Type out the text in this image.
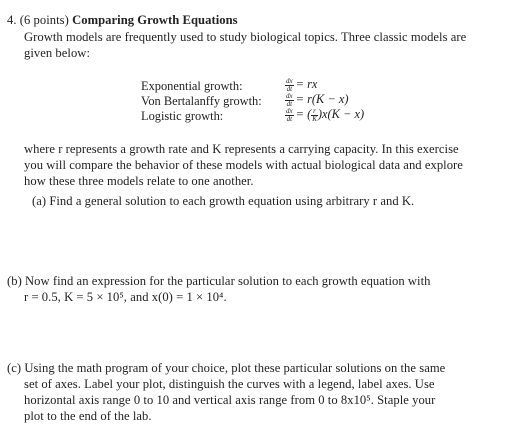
4. (6 points) Comparing Growth Equations
Growth models are frequently used to study biological topics. Three classic models are
given below:
Exponential growth:
Von Bertalanffy growth:
Logistic growth:
$\frac{dx}{dt}$ = rx
$\frac{dx}{dt} = r(K - x)$
$\frac{dx}{dt}$ = ( $\frac{r}{K} )x(K - x)$
where r represents a growth rate and K represents a carrying capacity. In this exercise
you will compare the behavior of these models with actual biological data and explore
how these three models relate to one another.
(a) Find a general solution to each growth equation using arbitrary r and K.
(b) Now find an expression for the particular solution to each growth equation with
r = 0.5, K = 5 × 10⁵, and x(0) = 1 × 10⁴.
(c) Using the math program of your choice, plot these particular solutions on the same
set of axes. Label your plot, distinguish the curves with a legend, label axes. Use
horizontal axis range 0 to 10 and vertical axis range from 0 to 8x10⁵. Staple your
plot to the end of the lab.
